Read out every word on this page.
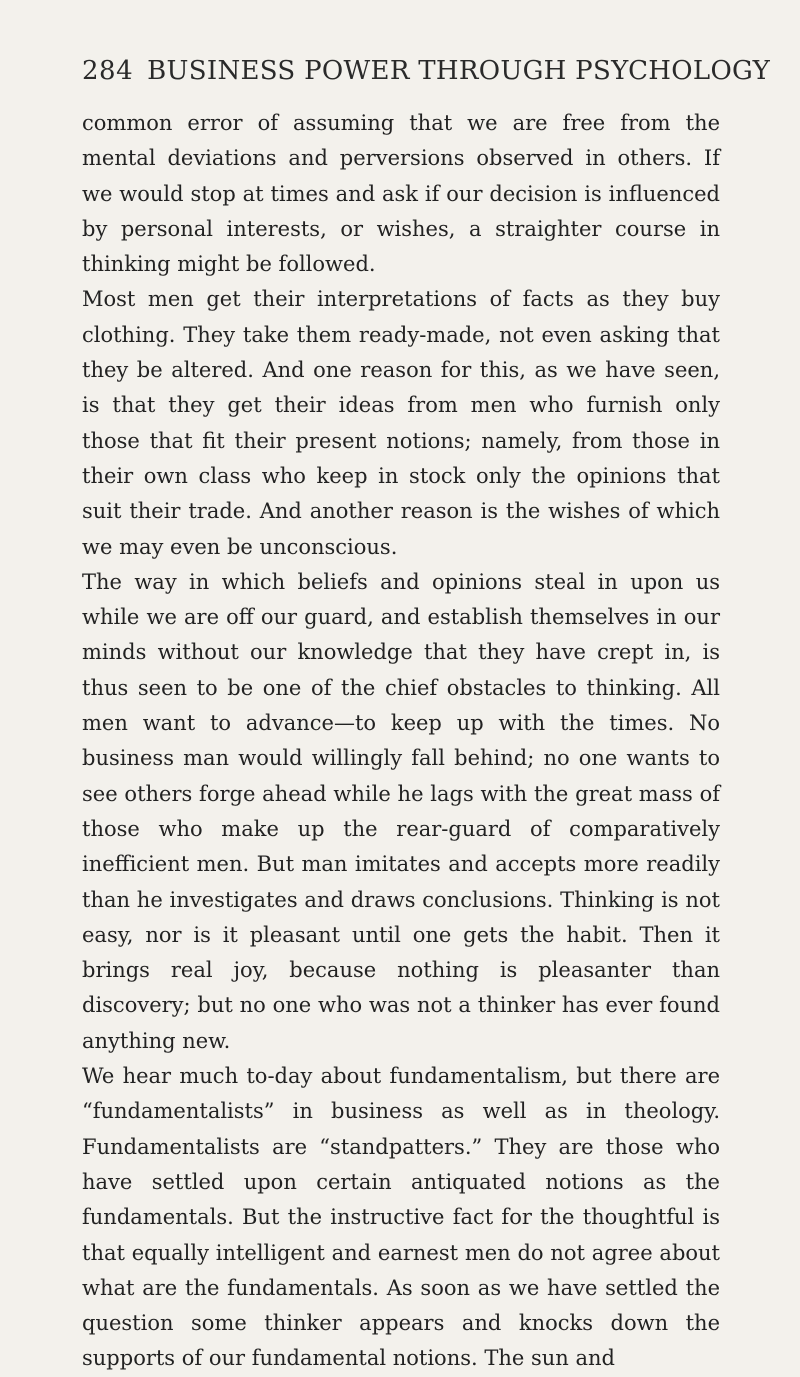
284 BUSINESS POWER THROUGH PSYCHOLOGY

common error of assuming that we are free from the mental deviations and perversions observed in others. If we would stop at times and ask if our decision is influenced by personal interests, or wishes, a straighter course in thinking might be followed.

Most men get their interpretations of facts as they buy clothing. They take them ready-made, not even asking that they be altered. And one reason for this, as we have seen, is that they get their ideas from men who furnish only those that fit their present notions; namely, from those in their own class who keep in stock only the opinions that suit their trade. And another reason is the wishes of which we may even be unconscious.

The way in which beliefs and opinions steal in upon us while we are off our guard, and establish themselves in our minds without our knowledge that they have crept in, is thus seen to be one of the chief obstacles to thinking. All men want to advance—to keep up with the times. No business man would willingly fall behind; no one wants to see others forge ahead while he lags with the great mass of those who make up the rear-guard of comparatively inefficient men. But man imitates and accepts more readily than he investigates and draws conclusions. Thinking is not easy, nor is it pleasant until one gets the habit. Then it brings real joy, because nothing is pleasanter than discovery; but no one who was not a thinker has ever found anything new.

We hear much to-day about fundamentalism, but there are “fundamentalists” in business as well as in theology. Fundamentalists are “standpatters.” They are those who have settled upon certain antiquated notions as the fundamentals. But the instructive fact for the thoughtful is that equally intelligent and earnest men do not agree about what are the fundamentals. As soon as we have settled the question some thinker appears and knocks down the supports of our fundamental notions. The sun and
